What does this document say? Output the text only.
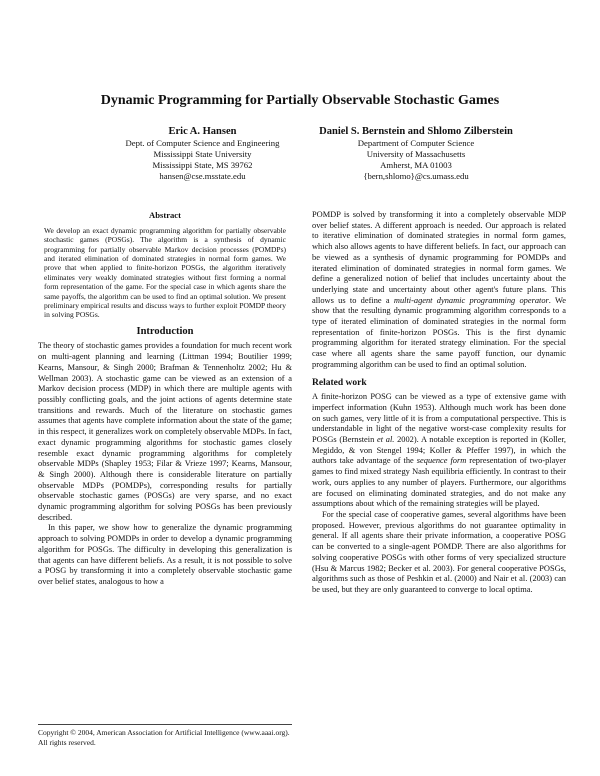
Dynamic Programming for Partially Observable Stochastic Games
Eric A. Hansen
Dept. of Computer Science and Engineering
Mississippi State University
Mississippi State, MS 39762
hansen@cse.msstate.edu
Daniel S. Bernstein and Shlomo Zilberstein
Department of Computer Science
University of Massachusetts
Amherst, MA 01003
{bern,shlomo}@cs.umass.edu
Abstract

We develop an exact dynamic programming algorithm for partially observable stochastic games (POSGs). The algorithm is a synthesis of dynamic programming for partially observable Markov decision processes (POMDPs) and iterated elimination of dominated strategies in normal form games. We prove that when applied to finite-horizon POSGs, the algorithm iteratively eliminates very weakly dominated strategies without first forming a normal form representation of the game. For the special case in which agents share the same payoffs, the algorithm can be used to find an optimal solution. We present preliminary empirical results and discuss ways to further exploit POMDP theory in solving POSGs.

Introduction

The theory of stochastic games provides a foundation for much recent work on multi-agent planning and learning (Littman 1994; Boutilier 1999; Kearns, Mansour, & Singh 2000; Brafman & Tennenholtz 2002; Hu & Wellman 2003). A stochastic game can be viewed as an extension of a Markov decision process (MDP) in which there are multiple agents with possibly conflicting goals, and the joint actions of agents determine state transitions and rewards. Much of the literature on stochastic games assumes that agents have complete information about the state of the game; in this respect, it generalizes work on completely observable MDPs. In fact, exact dynamic programming algorithms for stochastic games closely resemble exact dynamic programming algorithms for completely observable MDPs (Shapley 1953; Filar & Vrieze 1997; Kearns, Mansour, & Singh 2000). Although there is considerable literature on partially observable MDPs (POMDPs), corresponding results for partially observable stochastic games (POSGs) are very sparse, and no exact dynamic programming algorithm for solving POSGs has been previously described.

In this paper, we show how to generalize the dynamic programming approach to solving POMDPs in order to develop a dynamic programming algorithm for POSGs. The difficulty in developing this generalization is that agents can have different beliefs. As a result, it is not possible to solve a POSG by transforming it into a completely observable stochastic game over belief states, analogous to how a

POMDP is solved by transforming it into a completely observable MDP over belief states. A different approach is needed. Our approach is related to iterative elimination of dominated strategies in normal form games, which also allows agents to have different beliefs. In fact, our approach can be viewed as a synthesis of dynamic programming for POMDPs and iterated elimination of dominated strategies in normal form games. We define a generalized notion of belief that includes uncertainty about the underlying state and uncertainty about other agent's future plans. This allows us to define a multi-agent dynamic programming operator. We show that the resulting dynamic programming algorithm corresponds to a type of iterated elimination of dominated strategies in the normal form representation of finite-horizon POSGs. This is the first dynamic programming algorithm for iterated strategy elimination. For the special case where all agents share the same payoff function, our dynamic programming algorithm can be used to find an optimal solution.

Related work

A finite-horizon POSG can be viewed as a type of extensive game with imperfect information (Kuhn 1953). Although much work has been done on such games, very little of it is from a computational perspective. This is understandable in light of the negative worst-case complexity results for POSGs (Bernstein et al. 2002). A notable exception is reported in (Koller, Megiddo, & von Stengel 1994; Koller & Pfeffer 1997), in which the authors take advantage of the sequence form representation of two-player games to find mixed strategy Nash equilibria efficiently. In contrast to their work, ours applies to any number of players. Furthermore, our algorithms are focused on eliminating dominated strategies, and do not make any assumptions about which of the remaining strategies will be played.

For the special case of cooperative games, several algorithms have been proposed. However, previous algorithms do not guarantee optimality in general. If all agents share their private information, a cooperative POSG can be converted to a single-agent POMDP. There are also algorithms for solving cooperative POSGs with other forms of very specialized structure (Hsu & Marcus 1982; Becker et al. 2003). For general cooperative POSGs, algorithms such as those of Peshkin et al. (2000) and Nair et al. (2003) can be used, but they are only guaranteed to converge to local optima.

Copyright © 2004, American Association for Artificial Intelligence (www.aaai.org). All rights reserved.
